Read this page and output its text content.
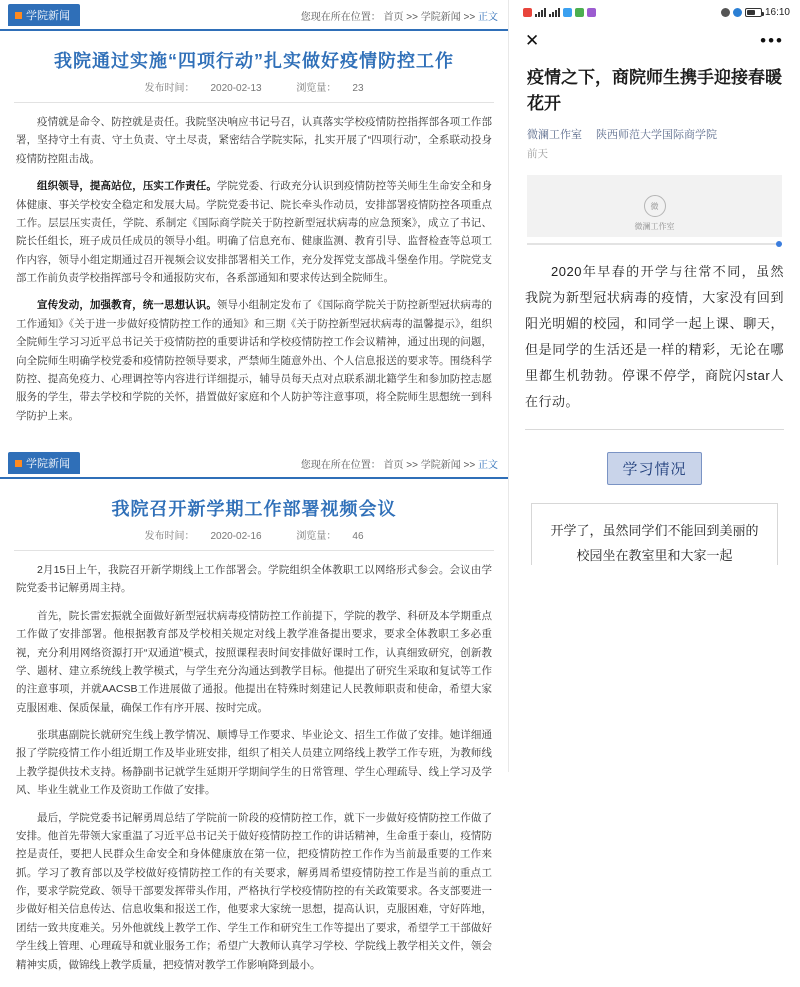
学院新闻	您现在所在位置： 首页 >> 学院新闻 >> 正文
我院通过实施“四项行动”扎实做好疫情防控工作
发布时间： 2020-02-13	浏览量： 23

疫情就是命令、防控就是责任。我院坚决响应书记号召，认真落实学校疫情防控指挥部各项工作部署，坚持守土有责、守土负责、守土尽责，紧密结合学院实际，扎实开展了“四项行动”，全系联动投身疫情防控阻击战。

组织领导，提高站位，压实工作责任。学院党委、行政充分认识到疫情防控等关师生生命安全和身体健康、事关学校安全稳定和发展大局。学院党委书记、院长牵头作动员，安排部署疫情防控各项重点工作。层层压实责任，学院、系制定《国际商学院关于防控新型冠状病毒的应急预案》，成立了书记、院长任组长，班子成员任成员的领导小组。明确了信息充布、健康监测、教育引导、监督检查等总项工作内容，领导小组定期通过召开视频会议安排部署相关工作，充分发挥党支部战斗堡垒作用。学院党支部工作前负责学校指挥部号令和通报防灾布，各系部通知和要求传达到全院师生。

宣传发动，加强教育，统一思想认识。领导小组制定发布了《国际商学院关于防控新型冠状病毒的工作通知》《关于进一步做好疫情防控工作的通知》和三期《关于防控新型冠状病毒的温馨提示》，组织全院师生学习习近平总书记关于疫情防控的重要讲话和学校疫情防控工作会议精神，通过出现的问题，向全院师生明确学校党委和疫情防控领导要求，严禁师生随意外出、个人信息报送的要求等。围绕科学防控、提高免疫力、心理调控等内容进行详细提示，辅导员每天点对点联系湖北籍学生和参加防控志愿服务的学生，带去学校和学院的关怀，措置做好家庭和个人防护等注意事项，将全院师生思想统一到科学防护上来。

学院新闻	您现在所在位置： 首页 >> 学院新闻 >> 正文
我院召开新学期工作部署视频会议
发布时间： 2020-02-16	浏览量： 46

2月15日上午，我院召开新学期线上工作部署会。学院组织全体教职工以网络形式参会。会议由学院党委书记解勇周主持。

首先，院长雷宏振就全面做好新型冠状病毒疫情防控工作前提下，学院的教学、科研及本学期重点工作做了安排部署。他根据教育部及学校相关规定对线上教学准备提出要求，要求全体教职工多必重视，充分利用网络资源打开“双通道”模式，按照课程表时间安排做好课时工作，认真细致研究，创新教学、题材、建立系统线上教学模式，与学生充分沟通达到教学目标。他提出了研究生采取和复试等工作的注意事项，并就AACSB工作进展做了通报。他提出在特殊时刻建记人民教师职责和使命，希望大家克服困难、保质保量，确保工作有序开展、按时完成。

张琪惠副院长就研究生线上教学情况、顺博导工作要求、毕业论文、招生工作做了安排。她详细通报了学院疫情工作小组近期工作及毕业班安排，组织了相关人员建立网络线上教学工作专班，为教师线上教学提供技术支持。杨静副书记就学生延期开学期间学生的日常管理、学生心理疏导、线上学习及学风、毕业生就业工作及资助工作做了安排。

最后，学院党委书记解勇周总结了学院前一阶段的疫情防控工作，就下一步做好疫情防控工作做了安排。他首先带领大家重温了习近平总书记关于做好疫情防控工作的讲话精神，生命重于泰山，疫情防控是责任，要把人民群众生命安全和身体健康放在第一位，把疫情防控工作作为当前最重要的工作来抓。学习了教育部以及学校做好疫情防控工作的有关要求，解勇周希望疫情防控工作是当前的重点工作，要求学院党政、领导干部要发挥带头作用，严格执行学校疫情防控的有关政策要求。各支部要进一步做好相关信息传达、信息收集和报送工作，他要求大家统一思想，提高认识，克服困难，守好阵地，团结一致共度难关。另外他就线上教学工作、学生工作和研究生工作等提出了要求，希望学工干部做好学生线上管理、心理疏导和就业服务工作；希望广大教师认真学习学校、学院线上教学相关文件，领会精神实质，做锦线上教学质量，把疫情对教学工作影响降到最小。

16:10
✕	•••
疫情之下，商院师生携手迎接春暖花开
微澜工作室 陕西师范大学国际商学院
前天
微
微澜工作室
2020年早春的开学与往常不同，虽然我院为新型冠状病毒的疫情，大家没有回到阳光明媚的校园，和同学一起上课、聊天，但是同学的生活还是一样的精彩，无论在哪里都生机勃勃。停课不停学，商院闪star人在行动。
学习情况
开学了，虽然同学们不能回到美丽的校园坐在教室里和大家一起
